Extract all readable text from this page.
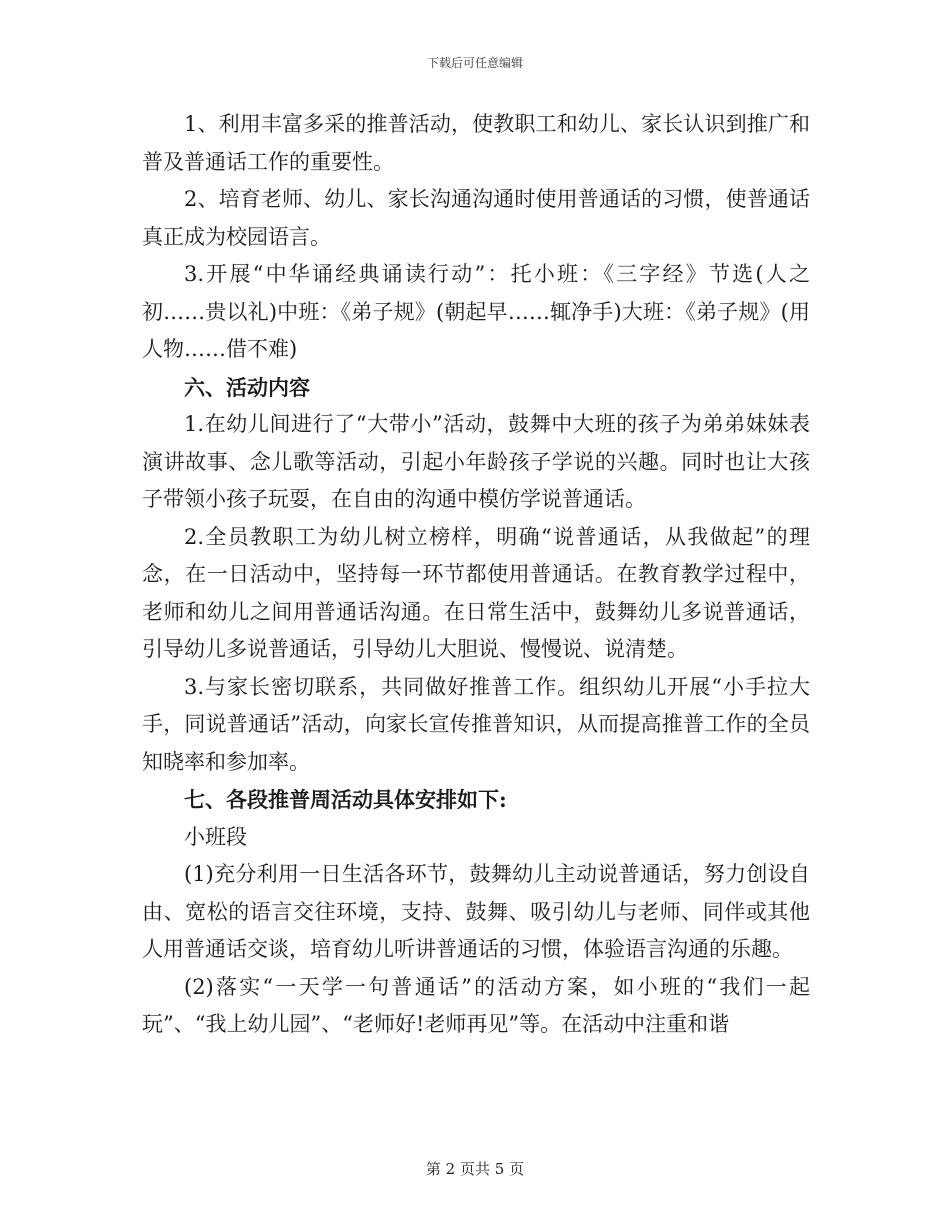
下载后可任意编辑

1、利用丰富多采的推普活动，使教职工和幼儿、家长认识到推广和普及普通话工作的重要性。

2、培育老师、幼儿、家长沟通沟通时使用普通话的习惯，使普通话真正成为校园语言。

3.开展“中华诵经典诵读行动”：托小班：《三字经》节选(人之初……贵以礼)中班：《弟子规》(朝起早……辄净手)大班：《弟子规》(用人物……借不难)

六、活动内容

1.在幼儿间进行了“大带小”活动，鼓舞中大班的孩子为弟弟妹妹表演讲故事、念儿歌等活动，引起小年龄孩子学说的兴趣。同时也让大孩子带领小孩子玩耍，在自由的沟通中模仿学说普通话。

2.全员教职工为幼儿树立榜样，明确“说普通话，从我做起”的理念，在一日活动中，坚持每一环节都使用普通话。在教育教学过程中，老师和幼儿之间用普通话沟通。在日常生活中，鼓舞幼儿多说普通话，引导幼儿多说普通话，引导幼儿大胆说、慢慢说、说清楚。

3.与家长密切联系，共同做好推普工作。组织幼儿开展“小手拉大手，同说普通话”活动，向家长宣传推普知识，从而提高推普工作的全员知晓率和参加率。

七、各段推普周活动具体安排如下:

小班段

(1)充分利用一日生活各环节，鼓舞幼儿主动说普通话，努力创设自由、宽松的语言交往环境，支持、鼓舞、吸引幼儿与老师、同伴或其他人用普通话交谈，培育幼儿听讲普通话的习惯，体验语言沟通的乐趣。

(2)落实“一天学一句普通话”的活动方案，如小班的“我们一起玩”、“我上幼儿园”、“老师好!老师再见”等。在活动中注重和谐

第 2 页共 5 页
